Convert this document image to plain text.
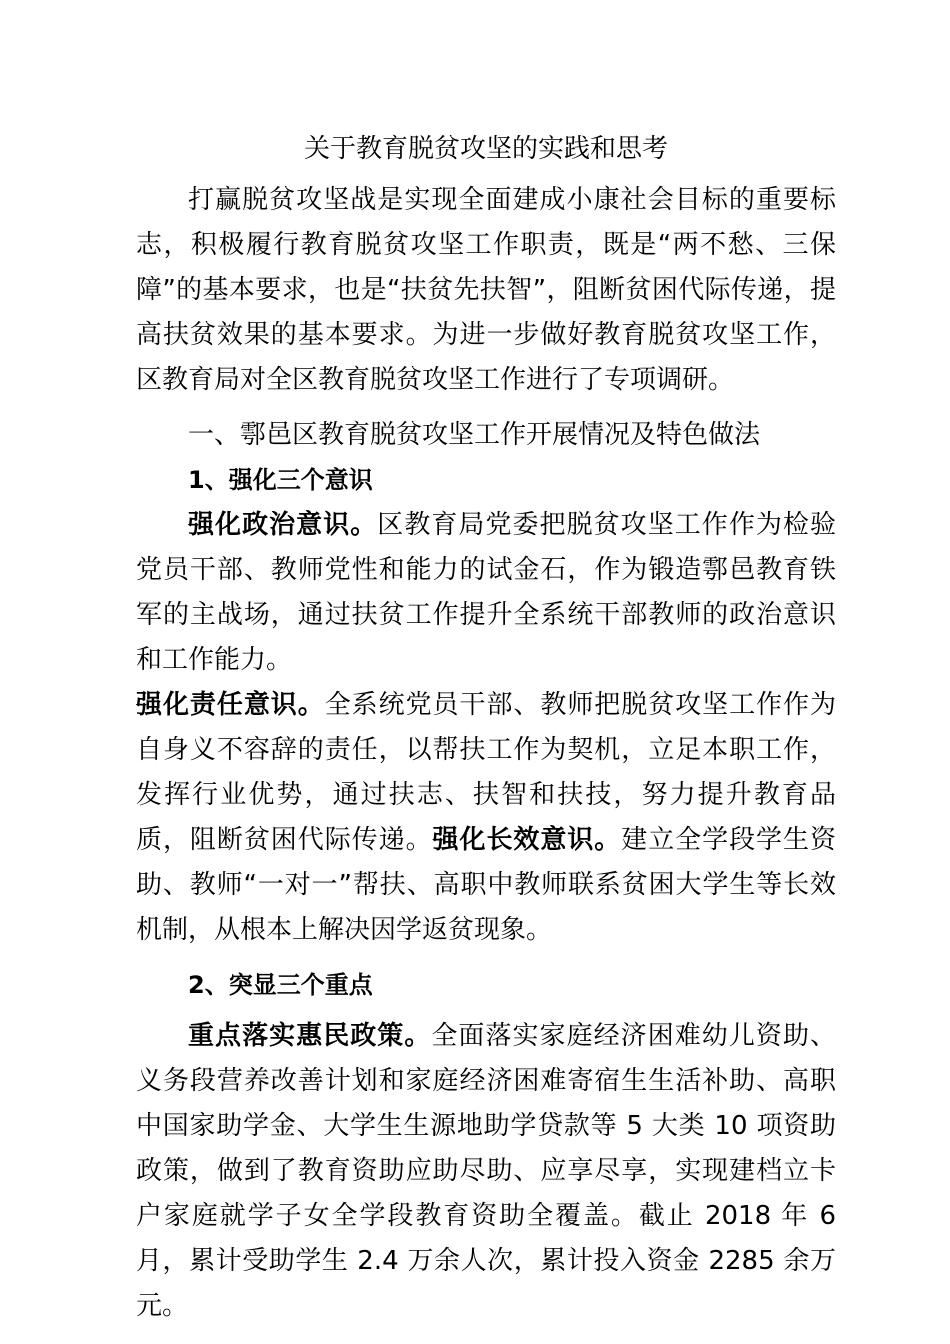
关于教育脱贫攻坚的实践和思考

打赢脱贫攻坚战是实现全面建成小康社会目标的重要标志，积极履行教育脱贫攻坚工作职责，既是“两不愁、三保障”的基本要求，也是“扶贫先扶智”，阻断贫困代际传递，提高扶贫效果的基本要求。为进一步做好教育脱贫攻坚工作，区教育局对全区教育脱贫攻坚工作进行了专项调研。

一、鄠邑区教育脱贫攻坚工作开展情况及特色做法

1、强化三个意识

强化政治意识。区教育局党委把脱贫攻坚工作作为检验党员干部、教师党性和能力的试金石，作为锻造鄠邑教育铁军的主战场，通过扶贫工作提升全系统干部教师的政治意识和工作能力。

强化责任意识。全系统党员干部、教师把脱贫攻坚工作作为自身义不容辞的责任，以帮扶工作为契机，立足本职工作，发挥行业优势，通过扶志、扶智和扶技，努力提升教育品质，阻断贫困代际传递。强化长效意识。建立全学段学生资助、教师“一对一”帮扶、高职中教师联系贫困大学生等长效机制，从根本上解决因学返贫现象。

2、突显三个重点

重点落实惠民政策。全面落实家庭经济困难幼儿资助、义务段营养改善计划和家庭经济困难寄宿生生活补助、高职中国家助学金、大学生生源地助学贷款等 5 大类 10 项资助政策，做到了教育资助应助尽助、应享尽享，实现建档立卡户家庭就学子女全学段教育资助全覆盖。截止 2018 年 6 月，累计受助学生 2.4 万余人次，累计投入资金 2285 余万元。
